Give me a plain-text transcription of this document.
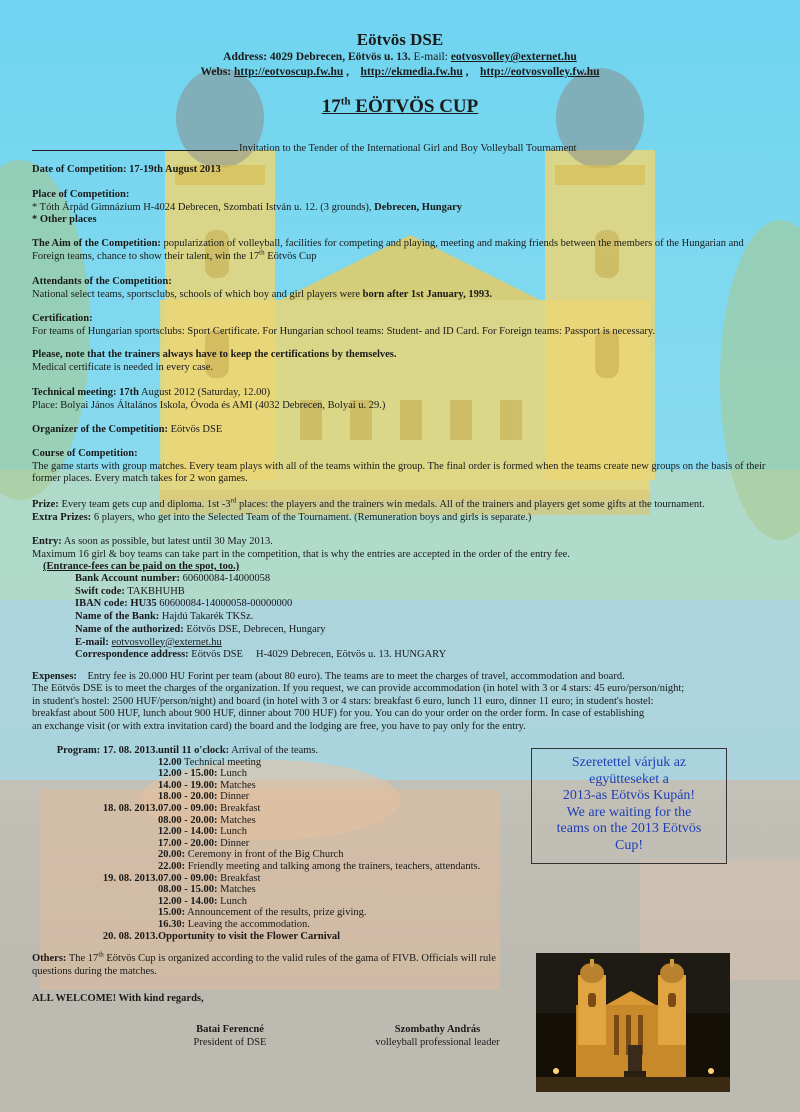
Eötvös DSE
Address: 4029 Debrecen, Eötvös u. 13. E-mail: eotvosvolley@externet.hu
Webs: http://eotvoscup.fw.hu , http://ekmedia.fw.hu , http://eotvosvolley.fw.hu
17th EÖTVÖS CUP
Invitation to the Tender of the International Girl and Boy Volleyball Tournament
Date of Competition: 17-19th August 2013
Place of Competition:
* Tóth Árpád Gimnázium H-4024 Debrecen, Szombati István u. 12. (3 grounds), Debrecen, Hungary
* Other places
The Aim of the Competition: popularization of volleyball, facilities for competing and playing, meeting and making friends between the members of the Hungarian and Foreign teams, chance to show their talent, win the 17th Eötvös Cup
Attendants of the Competition:
National select teams, sportsclubs, schools of which boy and girl players were born after 1st January, 1993.
Certification:
For teams of Hungarian sportsclubs: Sport Certificate. For Hungarian school teams: Student- and ID Card. For Foreign teams: Passport is necessary.
Please, note that the trainers always have to keep the certifications by themselves.
Medical certificate is needed in every case.
Technical meeting: 17th August 2012 (Saturday, 12.00)
Place: Bolyai János Általános Iskola, Óvoda és AMI (4032 Debrecen, Bolyai u. 29.)
Organizer of the Competition: Eötvös DSE
Course of Competition:
The game starts with group matches. Every team plays with all of the teams within the group. The final order is formed when the teams create new groups on the basis of their former places. Every match takes for 2 won games.
Prize: Every team gets cup and diploma. 1st -3rd places: the players and the trainers win medals. All of the trainers and players get some gifts at the tournament.
Extra Prizes: 6 players, who get into the Selected Team of the Tournament. (Remuneration boys and girls is separate.)
Entry: As soon as possible, but latest until 30 May 2013.
Maximum 16 girl & boy teams can take part in the competition, that is why the entries are accepted in the order of the entry fee.
(Entrance-fees can be paid on the spot, too.)
Bank Account number: 60600084-14000058
Swift code: TAKBHUHB
IBAN code: HU35 60600084-14000058-00000000
Name of the Bank: Hajdú Takarék TKSz.
Name of the authorized: Eötvös DSE, Debrecen, Hungary
E-mail: eotvosvolley@externet.hu
Correspondence address: Eötvös DSE     H-4029 Debrecen, Eötvös u. 13. HUNGARY
Expenses:    Entry fee is 20.000 HU Forint per team (about 80 euro). The teams are to meet the charges of travel, accommodation and board.
The Eötvös DSE is to meet the charges of the organization. If you request, we can provide accommodation (in hotel with 3 or 4 stars: 45 euro/person/night;
in student's hostel: 2500 HUF/person/night) and board (in hotel with 3 or 4 stars: breakfast 6 euro, lunch 11 euro, dinner 11 euro; in student's hostel:
breakfast about 500 HUF, lunch about 900 HUF, dinner about 700 HUF) for you. You can do your order on the order form. In case of establishing
an exchange visit (or with extra invitation card) the board and the lodging are free, you have to pay only for the entry.
Program: 17. 08. 2013. until 11 o'clock: Arrival of the teams.
12.00 Technical meeting
12.00 - 15.00: Lunch
14.00 - 19.00: Matches
18.00 - 20.00: Dinner
18. 08. 2013. 07.00 - 09.00: Breakfast
08.00 - 20.00: Matches
12.00 - 14.00: Lunch
17.00 - 20.00: Dinner
20.00: Ceremony in front of the Big Church
22.00: Friendly meeting and talking among the trainers, teachers, attendants.
19. 08. 2013. 07.00 - 09.00: Breakfast
08.00 - 15.00: Matches
12.00 - 14.00: Lunch
15.00: Announcement of the results, prize giving.
16.30: Leaving the accommodation.
20. 08. 2013. Opportunity to visit the Flower Carnival
Others: The 17th Eötvös Cup is organized according to the valid rules of the gama of FIVB. Officials will rule
questions during the matches.
ALL WELCOME! With kind regards,
Szeretettel várjuk az
együtteseket a
2013-as Eötvös Kupán!
We are waiting for the
teams on the 2013 Eötvös
Cup!
Batai Ferencné
President of DSE
Szombathy András
volleyball professional leader
